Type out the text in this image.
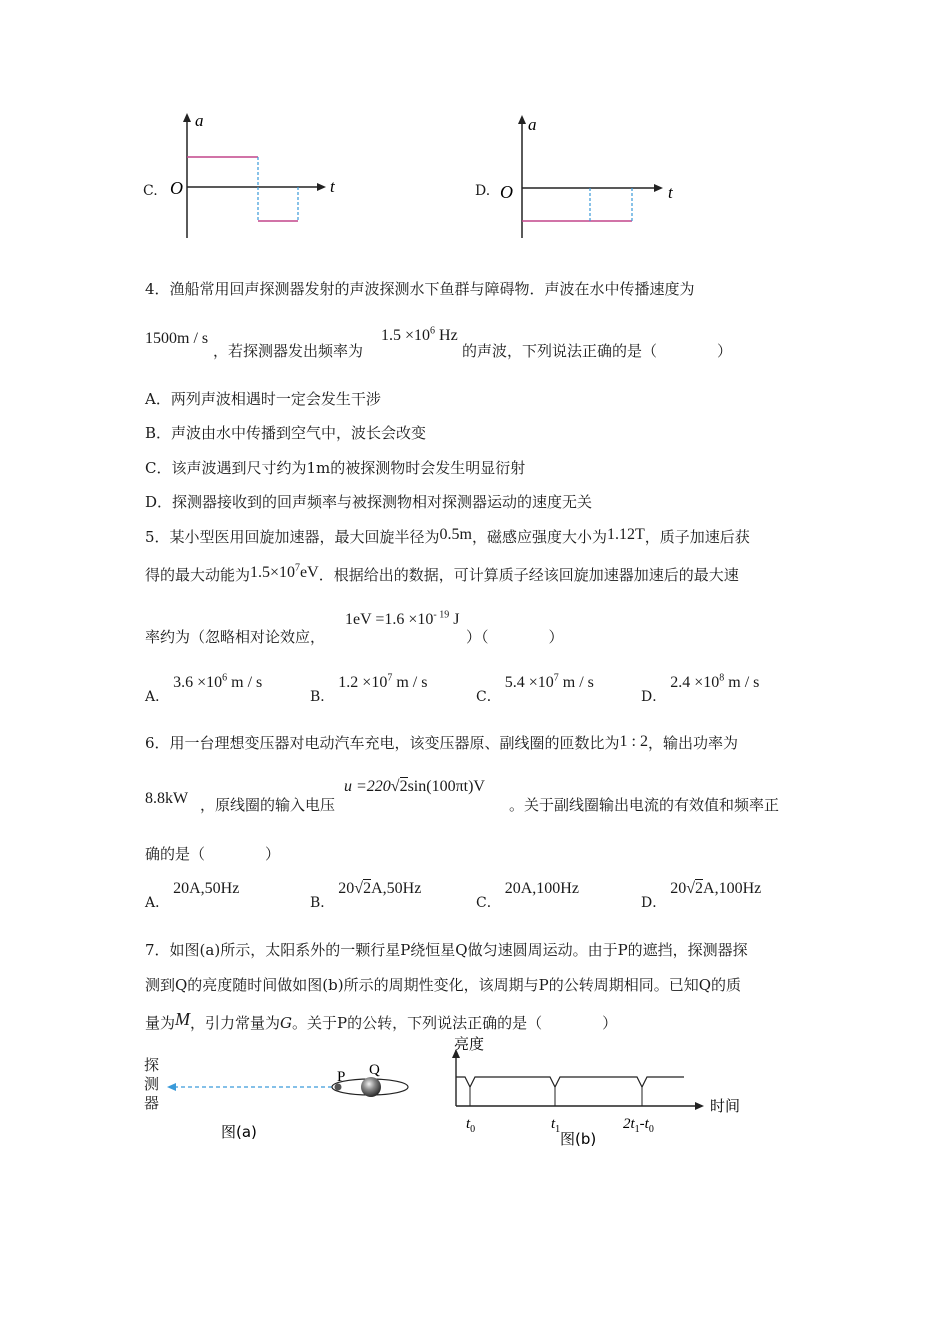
C.
a
O	t	D.
a
O	t
4．渔船常用回声探测器发射的声波探测水下鱼群与障碍物．声波在水中传播速度为
1500m / s
，若探测器发出频率为
$1.5 \times 10^6$ Hz
的声波，下列说法正确的是（　　　　）
A．两列声波相遇时一定会发生干涉
B．声波由水中传播到空气中，波长会改变
C．该声波遇到尺寸约为1m的被探测物时会发生明显衍射
D．探测器接收到的回声频率与被探测物相对探测器运动的速度无关
5．某小型医用回旋加速器，最大回旋半径为0.5m，磁感应强度大小为1.12T，质子加速后获
得的最大动能为$1.5\times 10^7eV$．根据给出的数据，可计算质子经该回旋加速器加速后的最大速
率约为（忽略相对论效应，
$1eV =1.6 \times 10^{- 19}$ J
）（　　　　）
A．$3.6 \times 10^6$ m / s
B．$1.2 \times 10^7$ m / s
C．$5.4 \times 10^7$ m / s
D．$2.4 \times 10^8$ m / s
6．用一台理想变压器对电动汽车充电，该变压器原、副线圈的匝数比为1 : 2，输出功率为
8.8kW ，原线圈的输入电压
u =220√2sin(100πt)V
。关于副线圈输出电流的有效值和频率正
确的是（　　　　）
A．20A,50Hz
B．20√2A,50Hz
C．20A,100Hz
D．20√2A,100Hz
7．如图(a)所示，太阳系外的一颗行星P绕恒星Q做匀速圆周运动。由于P的遮挡，探测器探
测到Q的亮度随时间做如图(b)所示的周期性变化，该周期与P的公转周期相同。已知Q的质
量为M，引力常量为G。关于P的公转，下列说法正确的是（　　　　）
探
测
器
P Q
图(a)
亮度
时间
$t_0$	$t_1$	$2t_1-t_0$
图(b)
